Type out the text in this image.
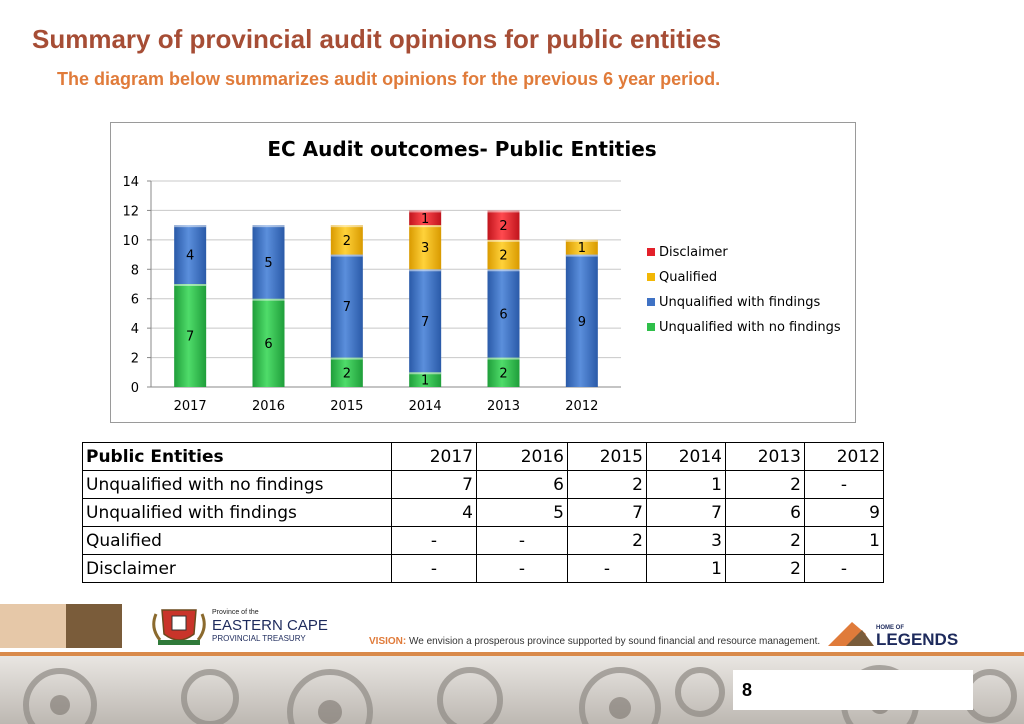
Summary of provincial audit opinions for public entities
The diagram below summarizes audit opinions for the previous 6 year period.
EC Audit outcomes- Public Entities
0
2
4
6
8
10
12
14
7
4
2017
6
5
2016
2
7
2
2015
1
7
3
1
2014
2
6
2
2
2013
9
1
2012
Disclaimer
Qualified
Unqualified with findings
Unqualified with no findings
Public Entities	2017	2016	2015	2014	2013	2012
Unqualified with no findings	7	6	2	1	2	-
Unqualified with findings	4	5	7	7	6	9
Qualified	-	-	2	3	2	1
Disclaimer	-	-	-	1	2	-
Province of the
EASTERN CAPE
PROVINCIAL TREASURY
HOME OF
LEGENDS
VISION: We envision a prosperous province supported by sound financial and resource management.
8
